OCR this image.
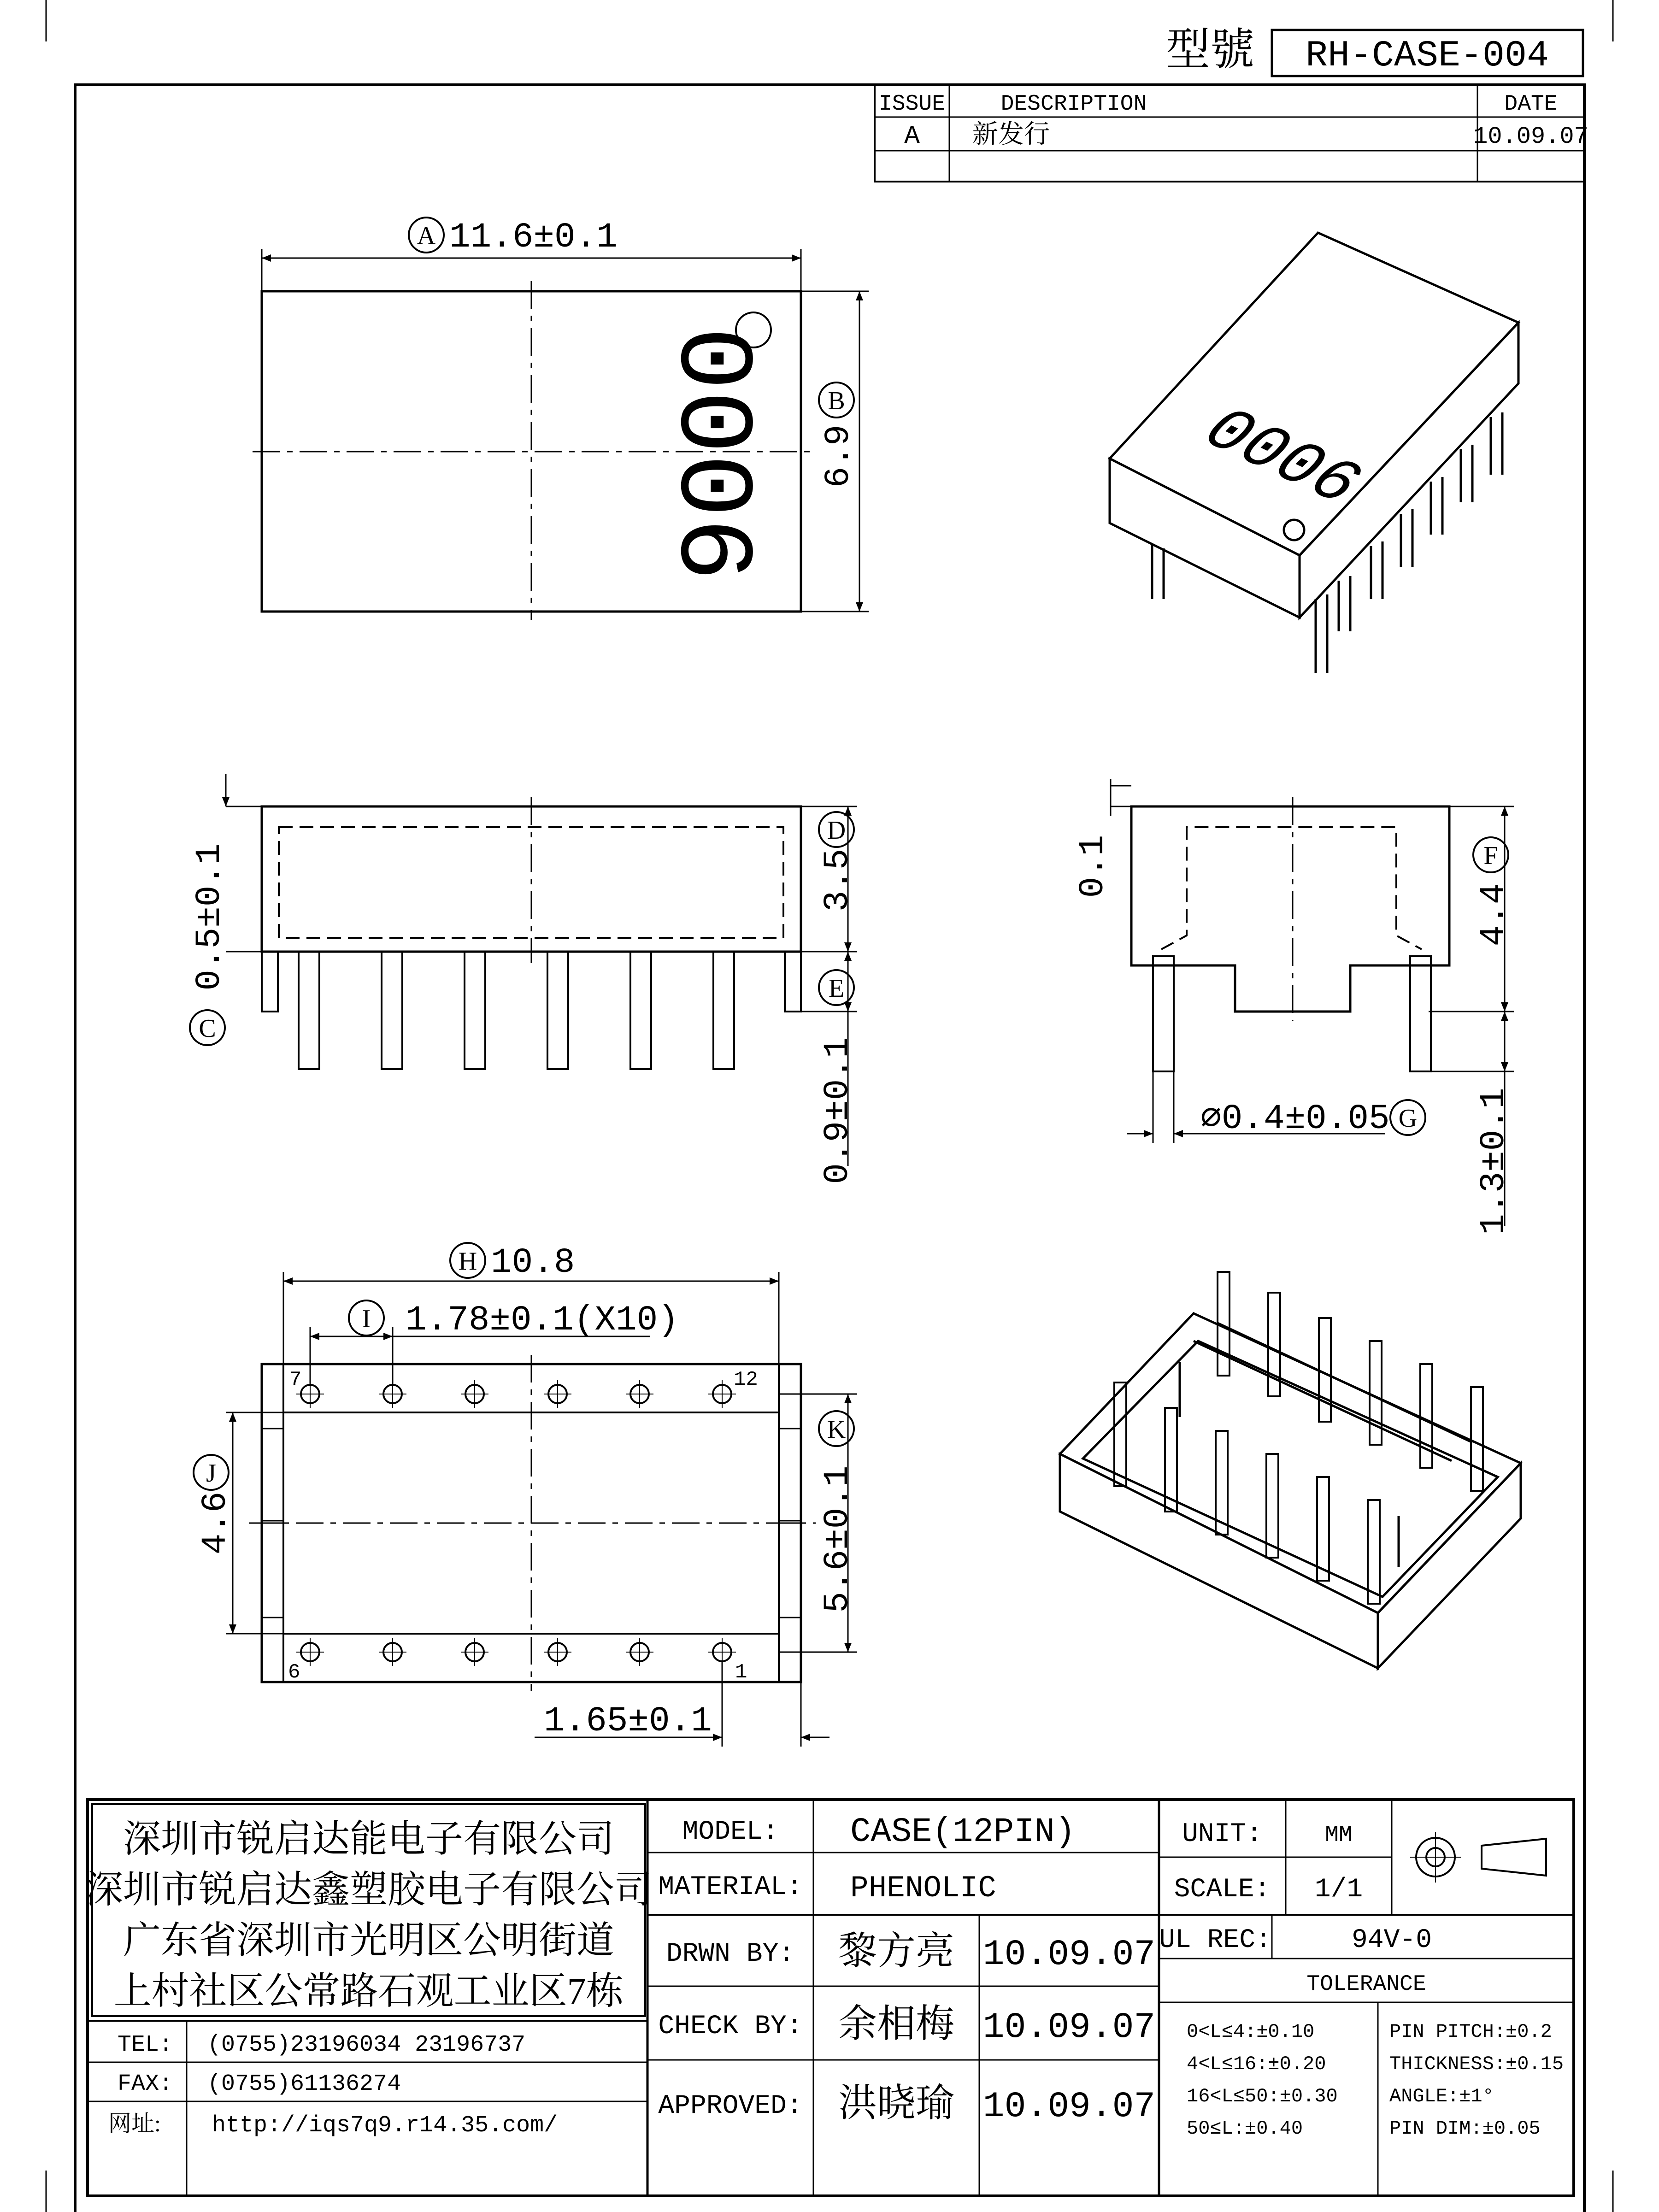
型號 RH-CASE-004
ISSUE	DESCRIPTION	DATE
A 新发行	10.09.07
0006
A 11.6±0.1
B
6.9	0006
0.5±0.1
C
D
3.5
E
0.9±0.1
0.1	F
4.4
1.3±0.1
⌀0.4±0.05 G
7	12
6	1
H 10.8
I 1.78±0.1(X10)
J
4.6
K
5.6±0.1
1.65±0.1
深圳市锐启达能电子有限公司
深圳市锐启达鑫塑胶电子有限公司
广东省深圳市光明区公明街道
上村社区公常路石观工业区7栋
TEL: (0755)23196034 23196737
FAX: (0755)61136274
网址: http://iqs7q9.r14.35.com/
MODEL: CASE(12PIN)
MATERIAL: PHENOLIC
DRWN BY: 黎方亮 10.09.07
CHECK BY: 余相梅 10.09.07
APPROVED: 洪晓瑜 10.09.07
UNIT:	MM
SCALE: 1/1
UL REC:	94V-0
TOLERANCE
0<L≤4:±0.10
4<L≤16:±0.20
16<L≤50:±0.30
50≤L:±0.40
PIN PITCH:±0.2
THICKNESS:±0.15
ANGLE:±1°
PIN DIM:±0.05
